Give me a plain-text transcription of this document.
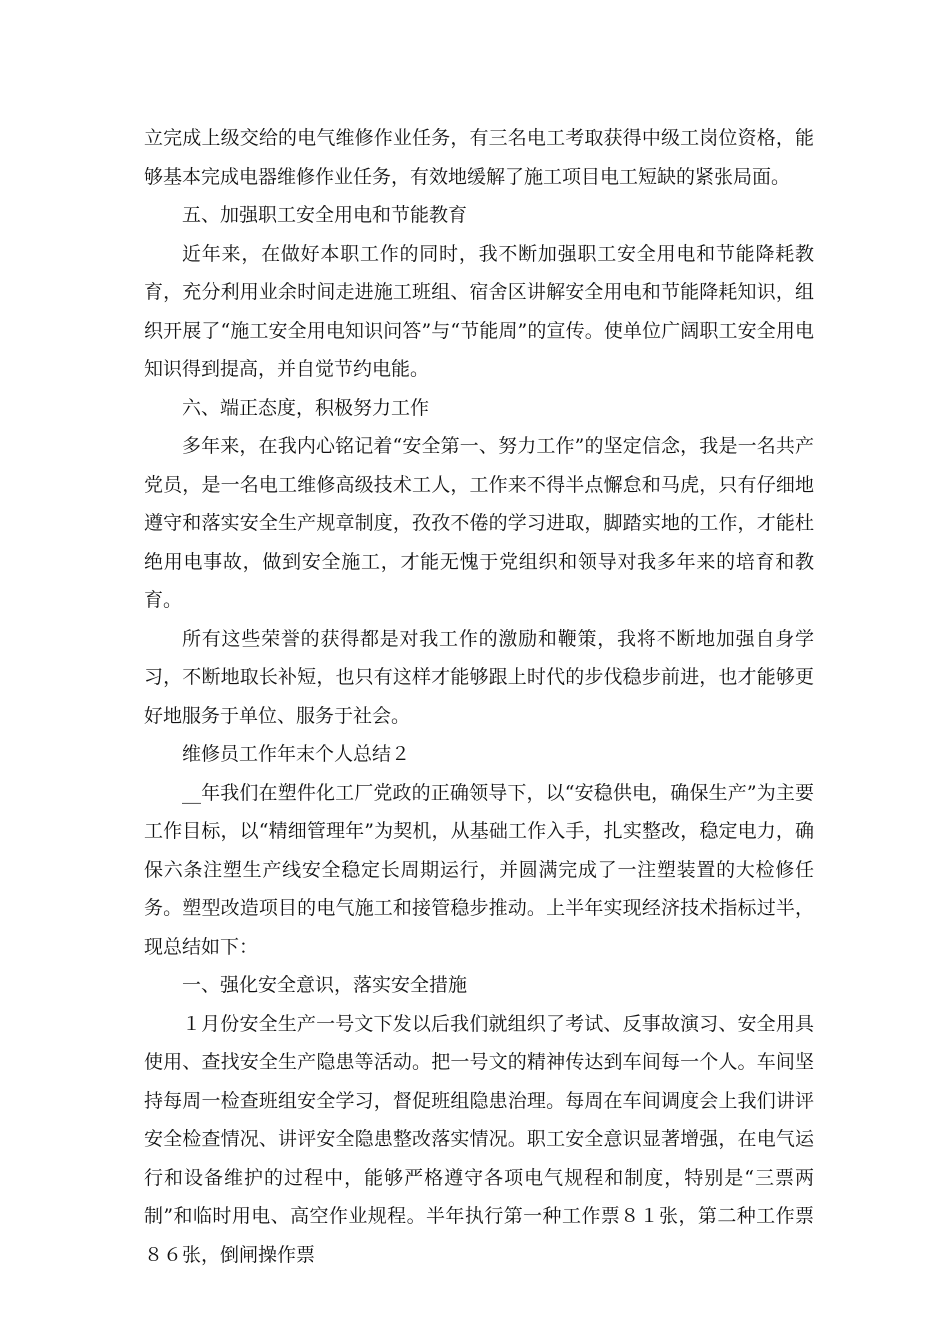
立完成上级交给的电气维修作业任务，有三名电工考取获得中级工岗位资格，能够基本完成电器维修作业任务，有效地缓解了施工项目电工短缺的紧张局面。

五、加强职工安全用电和节能教育

近年来，在做好本职工作的同时，我不断加强职工安全用电和节能降耗教育，充分利用业余时间走进施工班组、宿舍区讲解安全用电和节能降耗知识，组织开展了“施工安全用电知识问答”与“节能周”的宣传。使单位广阔职工安全用电知识得到提高，并自觉节约电能。

六、端正态度，积极努力工作

多年来，在我内心铭记着“安全第一、努力工作”的坚定信念，我是一名共产党员，是一名电工维修高级技术工人，工作来不得半点懈怠和马虎，只有仔细地遵守和落实安全生产规章制度，孜孜不倦的学习进取，脚踏实地的工作，才能杜绝用电事故，做到安全施工，才能无愧于党组织和领导对我多年来的培育和教育。

所有这些荣誉的获得都是对我工作的激励和鞭策，我将不断地加强自身学习，不断地取长补短，也只有这样才能够跟上时代的步伐稳步前进，也才能够更好地服务于单位、服务于社会。

维修员工作年末个人总结２

__年我们在塑件化工厂党政的正确领导下，以“安稳供电，确保生产”为主要工作目标，以“精细管理年”为契机，从基础工作入手，扎实整改，稳定电力，确保六条注塑生产线安全稳定长周期运行，并圆满完成了一注塑装置的大检修任务。塑型改造项目的电气施工和接管稳步推动。上半年实现经济技术指标过半，现总结如下：

一、强化安全意识，落实安全措施

１月份安全生产一号文下发以后我们就组织了考试、反事故演习、安全用具使用、查找安全生产隐患等活动。把一号文的精神传达到车间每一个人。车间坚持每周一检查班组安全学习，督促班组隐患治理。每周在车间调度会上我们讲评安全检查情况、讲评安全隐患整改落实情况。职工安全意识显著增强，在电气运行和设备维护的过程中，能够严格遵守各项电气规程和制度，特别是“三票两制”和临时用电、高空作业规程。半年执行第一种工作票８１张，第二种工作票８６张，倒闸操作票
